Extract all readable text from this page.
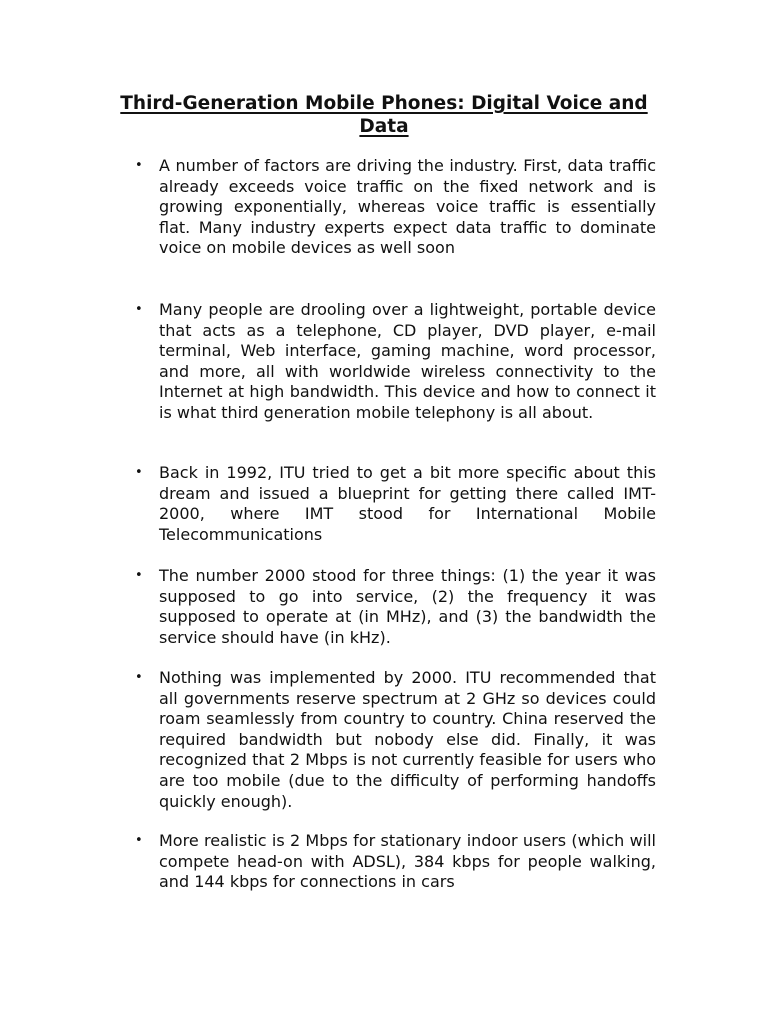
Third-Generation Mobile Phones: Digital Voice and Data
• A number of factors are driving the industry. First, data traffic already exceeds voice traffic on the fixed network and is growing exponentially, whereas voice traffic is essentially flat. Many industry experts expect data traffic to dominate voice on mobile devices as well soon
• Many people are drooling over a lightweight, portable device that acts as a telephone, CD player, DVD player, e-mail terminal, Web interface, gaming machine, word processor, and more, all with worldwide wireless connectivity to the Internet at high bandwidth. This device and how to connect it is what third generation mobile telephony is all about.
• Back in 1992, ITU tried to get a bit more specific about this dream and issued a blueprint for getting there called IMT-2000, where IMT stood for International Mobile Telecommunications
• The number 2000 stood for three things: (1) the year it was supposed to go into service, (2) the frequency it was supposed to operate at (in MHz), and (3) the bandwidth the service should have (in kHz).
• Nothing was implemented by 2000. ITU recommended that all governments reserve spectrum at 2 GHz so devices could roam seamlessly from country to country. China reserved the required bandwidth but nobody else did. Finally, it was recognized that 2 Mbps is not currently feasible for users who are too mobile (due to the difficulty of performing handoffs quickly enough).
• More realistic is 2 Mbps for stationary indoor users (which will compete head-on with ADSL), 384 kbps for people walking, and 144 kbps for connections in cars
